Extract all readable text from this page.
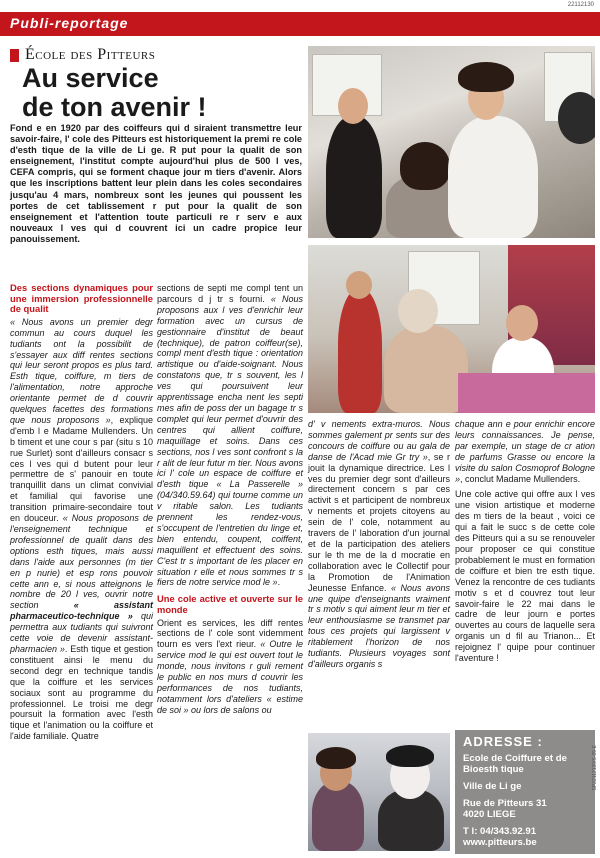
22112130
Publi-reportage
École des Pitteurs
Au service
de ton avenir !

Fond e en 1920 par des coiffeurs qui d siraient transmettre leur savoir-faire, l' cole des Pitteurs est historiquement la premi re cole d'esth tique de la ville de Li ge. R put pour la qualit de son enseignement, l'institut compte aujourd'hui plus de 500 l ves, CEFA compris, qui se forment chaque jour m tiers d'avenir. Alors que les inscriptions battent leur plein dans les coles secondaires jusqu'au 4 mars, nombreux sont les jeunes qui poussent les portes de cet tablissement r put pour la qualit de son enseignement et l'attention toute particuli re r serv e aux nouveaux l ves qui d couvrent ici un cadre propice leur panouissement.

Des sections dynamiques pour une immersion professionnelle de qualit

« Nous avons un premier degr commun au cours duquel les tudiants ont la possibilit de s'essayer aux diff rentes sections qui leur seront propos es plus tard. Esth tique, coiffure, m tiers de l'alimentation, notre approche orientante permet de d couvrir quelques facettes des formations que nous proposons », explique d'emb l e Madame Mullenders. Un b timent et une cour s par (situ s 10 rue Surlet) sont d'ailleurs consacr s ces l ves qui d butent pour leur permettre de s' panouir en toute tranquillit dans un climat convivial et familial qui favorise une transition primaire-secondaire tout en douceur. « Nous proposons de l'enseignement technique et professionnel de qualit dans des options esth tiques, mais aussi dans l'aide aux personnes (m tier en p nurie) et esp rons pouvoir cette ann e, si nous atteignons le nombre de 20 l ves, ouvrir notre section « assistant pharmaceutico-technique » qui permettra aux tudiants qui suivront cette voie de devenir assistant-pharmacien ». Esth tique et gestion constituent ainsi le menu du second degr en technique tandis que la coiffure et les services sociaux sont au programme du professionnel. Le troisi me degr poursuit la formation avec l'esth tique et l'animation ou la coiffure et l'aide familiale. Quatre

sections de septi me compl tent un parcours d j tr s fourni. « Nous proposons aux l ves d'enrichir leur formation avec un cursus de gestionnaire d'institut de beaut (technique), de patron coiffeur(se), compl ment d'esth tique : orientation artistique ou d'aide-soignant. Nous constatons que, tr s souvent, les l ves qui poursuivent leur apprentissage encha nent les septi mes afin de poss der un bagage tr s complet qui leur permet d'ouvrir des centres qui allient coiffure, maquillage et soins. Dans ces sections, nos l ves sont confront s la r alit de leur futur m tier. Nous avons ici l' cole un espace de coiffure et d'esth tique « La Passerelle » (04/340.59.64) qui tourne comme un v ritable salon. Les tudiants prennent les rendez-vous, s'occupent de l'entretien du linge et, bien entendu, coupent, coiffent, maquillent et effectuent des soins. C'est tr s important de les placer en situation r elle et nous sommes tr s fiers de notre service mod le ».

Une cole active et ouverte sur le monde

Orient es services, les diff rentes sections de l' cole sont videmment tourn es vers l'ext rieur. « Outre le service mod le qui est ouvert tout le monde, nous invitons r guli rement le public en nos murs d couvrir les performances de nos tudiants, notamment lors d'ateliers « estime de soi » ou lors de salons ou

d' v nements extra-muros. Nous sommes galement pr sents sur des concours de coiffure ou au gala de danse de l'Acad mie Gr try », se r jouit la dynamique directrice. Les l ves du premier degr sont d'ailleurs directement concern s par ces activit s et participent de nombreux v nements et projets citoyens au sein de l' cole, notamment au travers de l' laboration d'un journal et de la participation des ateliers sur le th me de la d mocratie en collaboration avec le Collectif pour la Promotion de l'Animation Jeunesse Enfance. « Nous avons une quipe d'enseignants vraiment tr s motiv s qui aiment leur m tier et leur enthousiasme se transmet par tous ces projets qui largissent v ritablement l'horizon de nos tudiants. Plusieurs voyages sont d'ailleurs organis s

chaque ann e pour enrichir encore leurs connaissances. Je pense, par exemple, un stage de cr ation de parfums Grasse ou encore la visite du salon Cosmoprof Bologne », conclut Madame Mullenders.

Une cole active qui offre aux l ves une vision artistique et moderne des m tiers de la beaut , voici ce qui a fait le succ s de cette cole des Pitteurs qui a su se renouveler pour proposer ce qui constitue probablement le must en formation de coiffure et bien tre esth tique. Venez la rencontre de ces tudiants motiv s et d couvrez tout leur savoir-faire le 22 mai dans le cadre de leur journ e portes ouvertes au cours de laquelle sera organis un d fil au Trianon... Et rejoignez l' quipe pour continuer l'aventure !

ADRESSE :
Ecole de Coiffure et de Bioesth tique
Ville de Li ge
Rue de Pitteurs 31
4020 LIEGE
T l: 04/343.92.91
www.pitteurs.be
SP22112130/S-35-E
